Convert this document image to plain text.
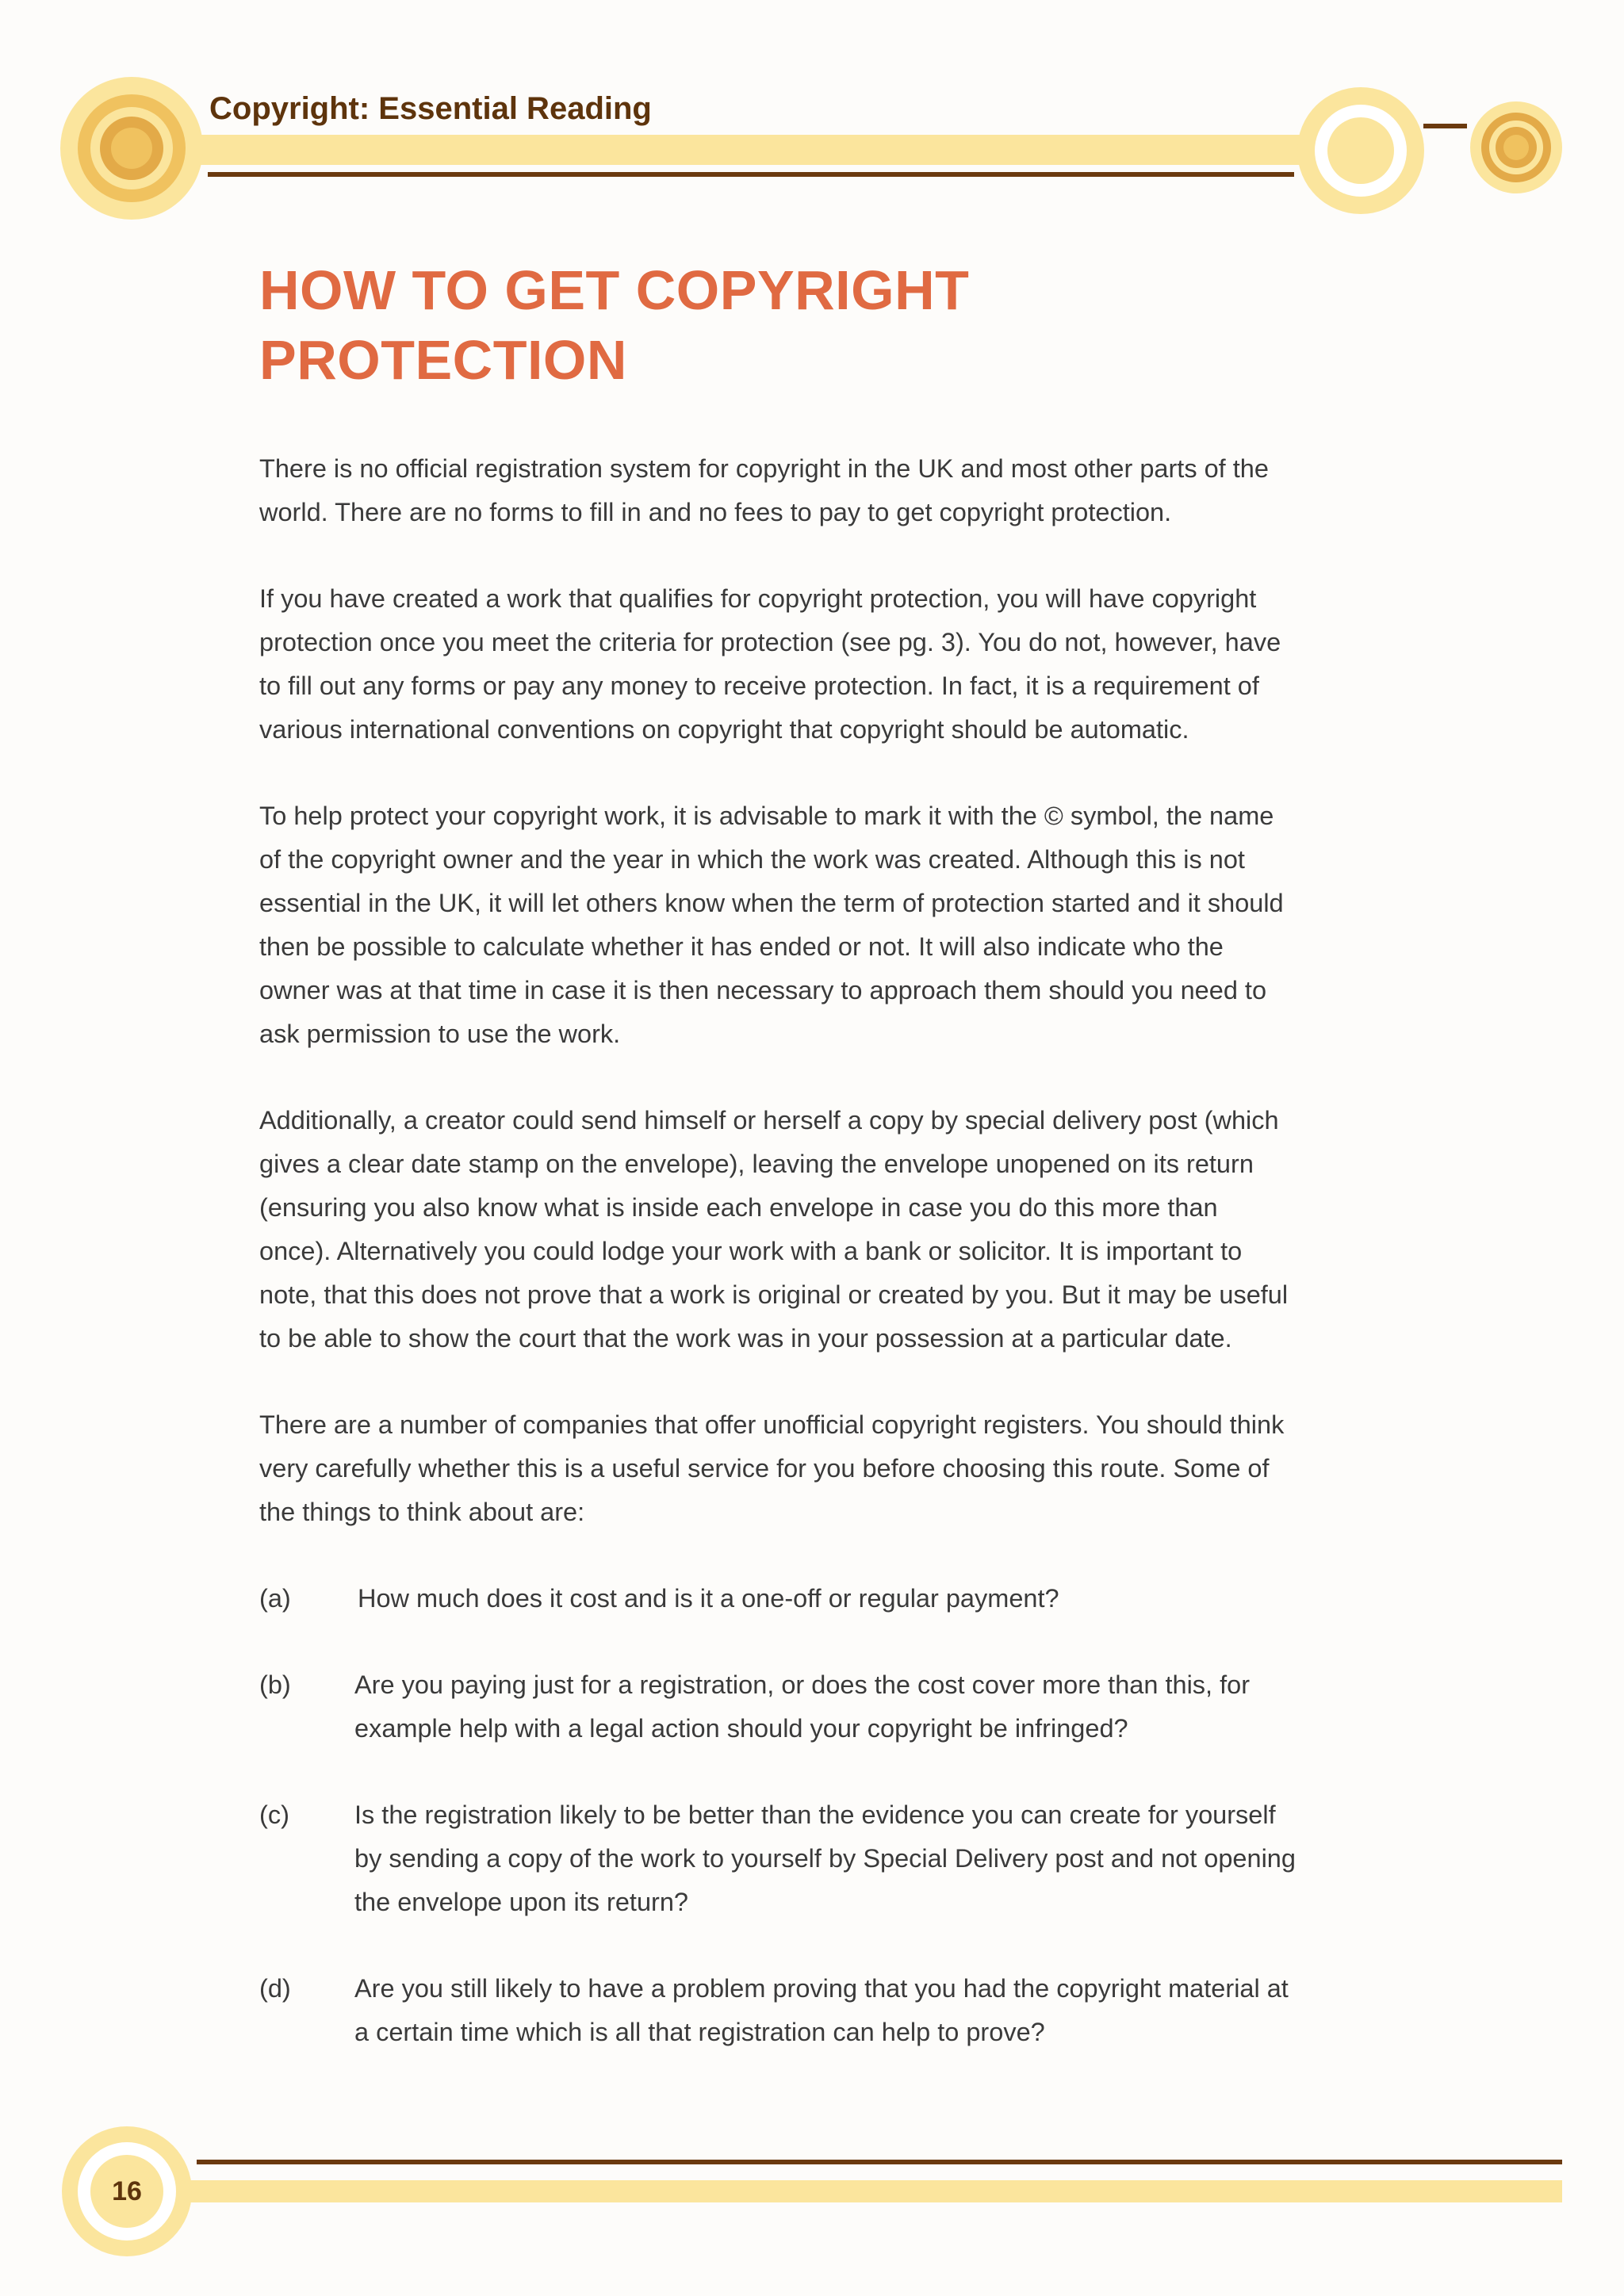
Copyright: Essential Reading
HOW TO GET COPYRIGHT
PROTECTION

There is no official registration system for copyright in the UK and most other parts of the
world. There are no forms to fill in and no fees to pay to get copyright protection.

If you have created a work that qualifies for copyright protection, you will have copyright
protection once you meet the criteria for protection (see pg. 3). You do not, however, have
to fill out any forms or pay any money to receive protection. In fact, it is a requirement of
various international conventions on copyright that copyright should be automatic.

To help protect your copyright work, it is advisable to mark it with the © symbol, the name
of the copyright owner and the year in which the work was created. Although this is not
essential in the UK, it will let others know when the term of protection started and it should
then be possible to calculate whether it has ended or not. It will also indicate who the
owner was at that time in case it is then necessary to approach them should you need to
ask permission to use the work.

Additionally, a creator could send himself or herself a copy by special delivery post (which
gives a clear date stamp on the envelope), leaving the envelope unopened on its return
(ensuring you also know what is inside each envelope in case you do this more than
once). Alternatively you could lodge your work with a bank or solicitor. It is important to
note, that this does not prove that a work is original or created by you. But it may be useful
to be able to show the court that the work was in your possession at a particular date.

There are a number of companies that offer unofficial copyright registers. You should think
very carefully whether this is a useful service for you before choosing this route. Some of
the things to think about are:

(a)	How much does it cost and is it a one-off or regular payment?
(b) Are you paying just for a registration, or does the cost cover more than this, for
example help with a legal action should your copyright be infringed?
(c)	Is the registration likely to be better than the evidence you can create for yourself
by sending a copy of the work to yourself by Special Delivery post and not opening
the envelope upon its return?
(d) Are you still likely to have a problem proving that you had the copyright material at
a certain time which is all that registration can help to prove?
16
